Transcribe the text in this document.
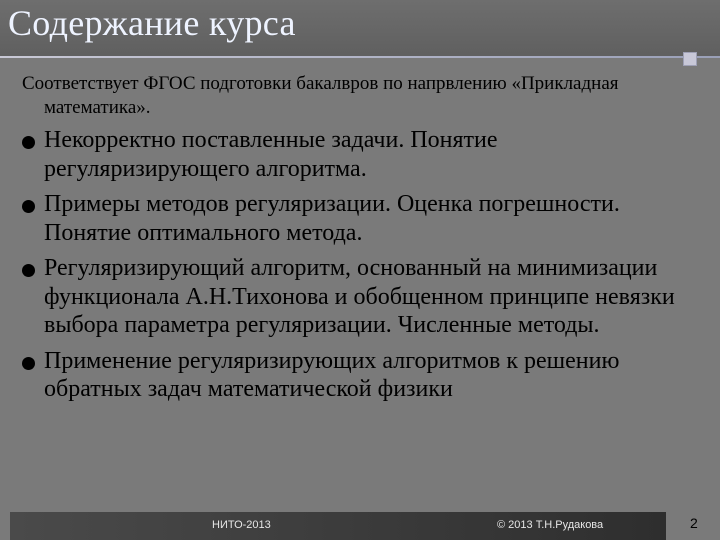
Содержание курса

Соответствует ФГОС подготовки бакалвров по напрвлению «Прикладная математика».

Некорректно поставленные задачи. Понятие регуляризирующего алгоритма.
Примеры методов регуляризации. Оценка погрешности. Понятие оптимального метода.
Регуляризирующий алгоритм, основанный на минимизации функционала А.Н.Тихонова и обобщенном принципе невязки выбора параметра регуляризации. Численные методы.
Применение регуляризирующих алгоритмов к решению обратных задач математической физики
НИТО-2013	© 2013 Т.Н.Рудакова	2
